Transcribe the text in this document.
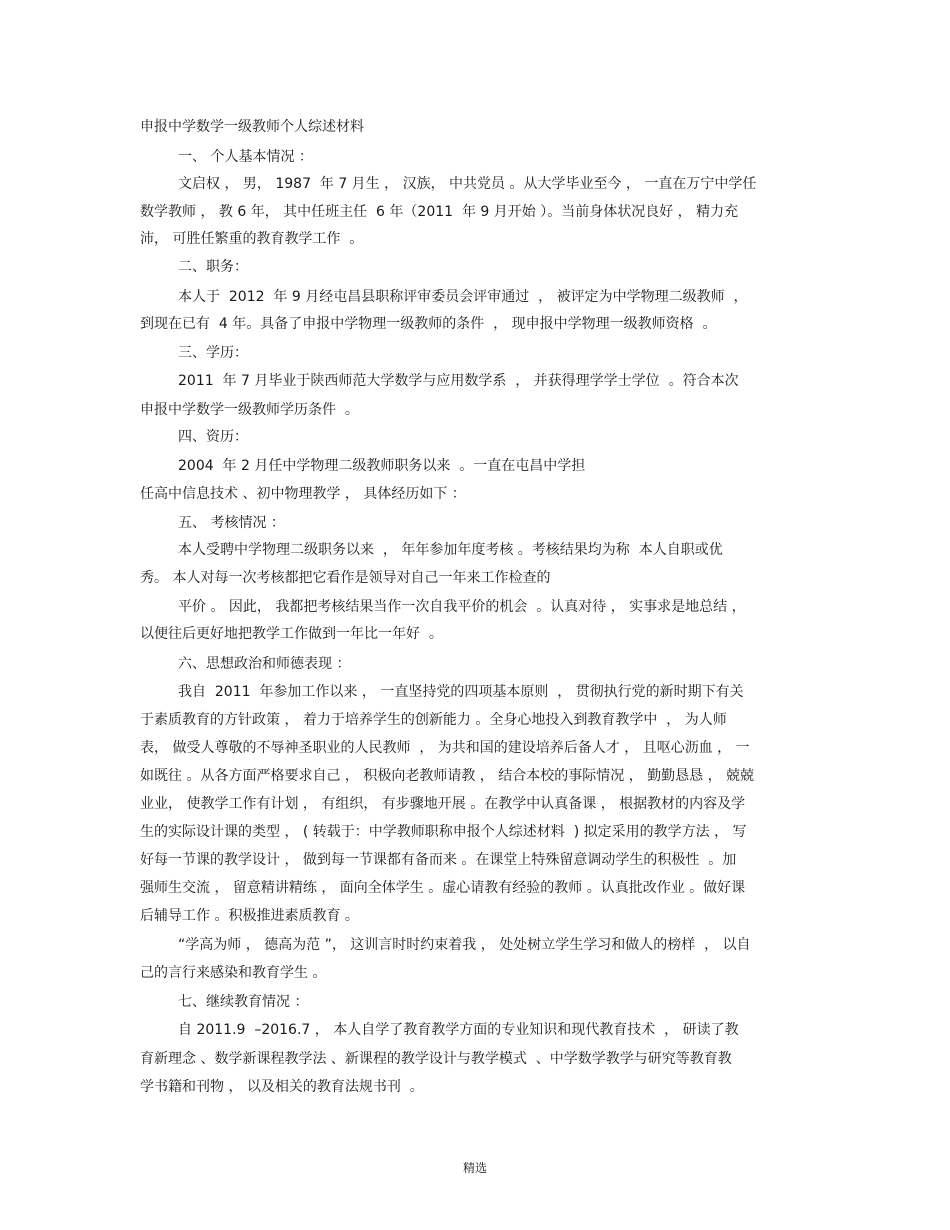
申报中学数学一级教师个人综述材料
一、 个人基本情况 ：
文启权 ， 男， 1987  年 7 月生 ， 汉族， 中共党员 。从大学毕业至今 ， 一直在万宁中学任
数学教师 ， 教 6 年， 其中任班主任  6 年（2011  年 9 月开始 ）。当前身体状况良好 ， 精力充
沛， 可胜任繁重的教育教学工作  。
二、职务：
本人于  2012  年 9 月经屯昌县职称评审委员会评审通过  ， 被评定为中学物理二级教师  ，
到现在已有  4 年。具备了申报中学物理一级教师的条件  ， 现申报中学物理一级教师资格  。
三、学历：
2011  年 7 月毕业于陕西师范大学数学与应用数学系  ， 并获得理学学士学位  。符合本次
申报中学数学一级教师学历条件  。
四、资历：
2004  年 2 月任中学物理二级教师职务以来  。一直在屯昌中学担
任高中信息技术 、初中物理教学 ， 具体经历如下 ：
五、 考核情况 ：
本人受聘中学物理二级职务以来  ， 年年参加年度考核 。考核结果均为称  本人自职或优
秀。 本人对每一次考核都把它看作是领导对自己一年来工作检查的
平价 。 因此， 我都把考核结果当作一次自我平价的机会  。认真对待 ， 实事求是地总结 ，
以便往后更好地把教学工作做到一年比一年好  。
六、思想政治和师德表现 ：
我自  2011  年参加工作以来 ， 一直坚持党的四项基本原则  ， 贯彻执行党的新时期下有关
于素质教育的方针政策 ， 着力于培养学生的创新能力 。全身心地投入到教育教学中  ， 为人师
表， 做受人尊敬的不辱神圣职业的人民教师  ， 为共和国的建设培养后备人才 ， 且呕心沥血 ， 一
如既往 。从各方面严格要求自己 ， 积极向老教师请教 ， 结合本校的事际情况 ， 勤勤恳恳 ， 兢兢
业业， 使教学工作有计划 ， 有组织， 有步骤地开展 。在教学中认真备课 ， 根据教材的内容及学
生的实际设计课的类型 ， ( 转载于：中学教师职称申报个人综述材料  ) 拟定采用的教学方法 ， 写
好每一节课的教学设计 ， 做到每一节课都有备而来 。在课堂上特殊留意调动学生的积极性  。加
强师生交流 ， 留意精讲精练 ， 面向全体学生 。虚心请教有经验的教师 。认真批改作业 。做好课
后辅导工作 。积极推进素质教育 。
“学高为师 ， 德高为范 ”， 这训言时时约束着我 ， 处处树立学生学习和做人的榜样  ， 以自
己的言行来感染和教育学生 。
七、继续教育情况 ：
自 2011.9  –2016.7 ， 本人自学了教育教学方面的专业知识和现代教育技术  ， 研读了教
育新理念 、数学新课程教学法 、新课程的教学设计与教学模式  、中学数学教学与研究等教育教
学书籍和刊物 ， 以及相关的教育法规书刊  。
精选
